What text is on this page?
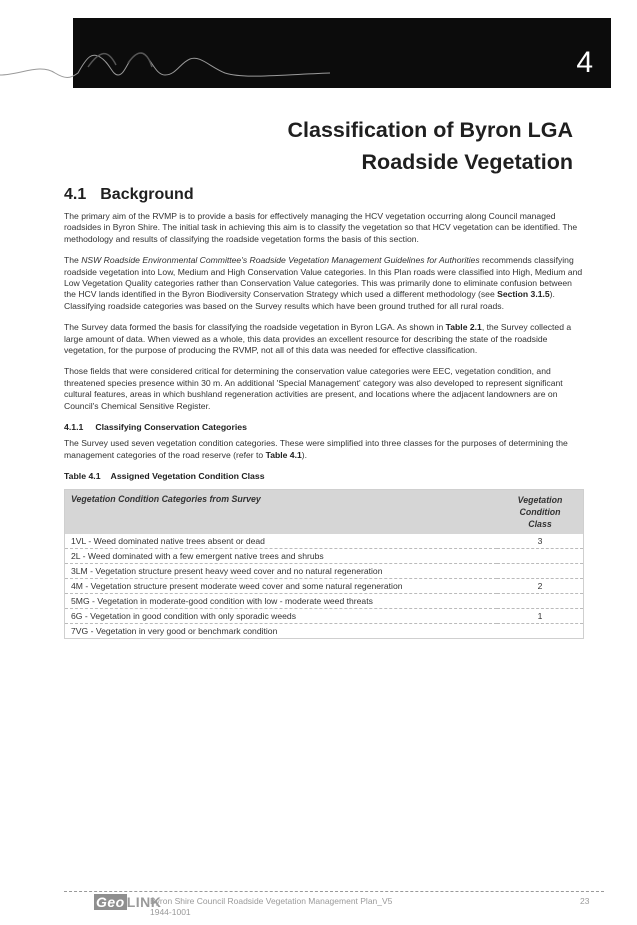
4
Classification of Byron LGA
Roadside Vegetation
4.1 Background

The primary aim of the RVMP is to provide a basis for effectively managing the HCV vegetation occurring along Council managed roadsides in Byron Shire. The initial task in achieving this aim is to classify the vegetation so that HCV vegetation can be identified. The methodology and results of classifying the roadside vegetation forms the basis of this section.

The NSW Roadside Environmental Committee's Roadside Vegetation Management Guidelines for Authorities recommends classifying roadside vegetation into Low, Medium and High Conservation Value categories. In this Plan roads were classified into High, Medium and Low Vegetation Quality categories rather than Conservation Value categories. This was primarily done to eliminate confusion between the HCV lands identified in the Byron Biodiversity Conservation Strategy which used a different methodology (see Section 3.1.5). Classifying roadside categories was based on the Survey results which have been ground truthed for all rural roads.

The Survey data formed the basis for classifying the roadside vegetation in Byron LGA. As shown in Table 2.1, the Survey collected a large amount of data. When viewed as a whole, this data provides an excellent resource for describing the state of the roadside vegetation, for the purpose of producing the RVMP, not all of this data was needed for effective classification.

Those fields that were considered critical for determining the conservation value categories were EEC, vegetation condition, and threatened species presence within 30 m. An additional 'Special Management' category was also developed to represent significant cultural features, areas in which bushland regeneration activities are present, and locations where the adjacent landowners are on Council's Chemical Sensitive Register.

4.1.1 Classifying Conservation Categories

The Survey used seven vegetation condition categories. These were simplified into three classes for the purposes of determining the management categories of the road reserve (refer to Table 4.1).

Table 4.1 Assigned Vegetation Condition Class
Vegetation Condition Categories from Survey	Vegetation
Condition
Class

1VL - Weed dominated native trees absent or dead	3
2L - Weed dominated with a few emergent native trees and shrubs	
3LM - Vegetation structure present heavy weed cover and no natural regeneration	
4M - Vegetation structure present moderate weed cover and some natural regeneration	2
5MG - Vegetation in moderate-good condition with low - moderate weed threats	
6G - Vegetation in good condition with only sporadic weeds	1
7VG - Vegetation in very good or benchmark condition	
Geo LINK
Byron Shire Council Roadside Vegetation Management Plan_V5
1944-1001
23
